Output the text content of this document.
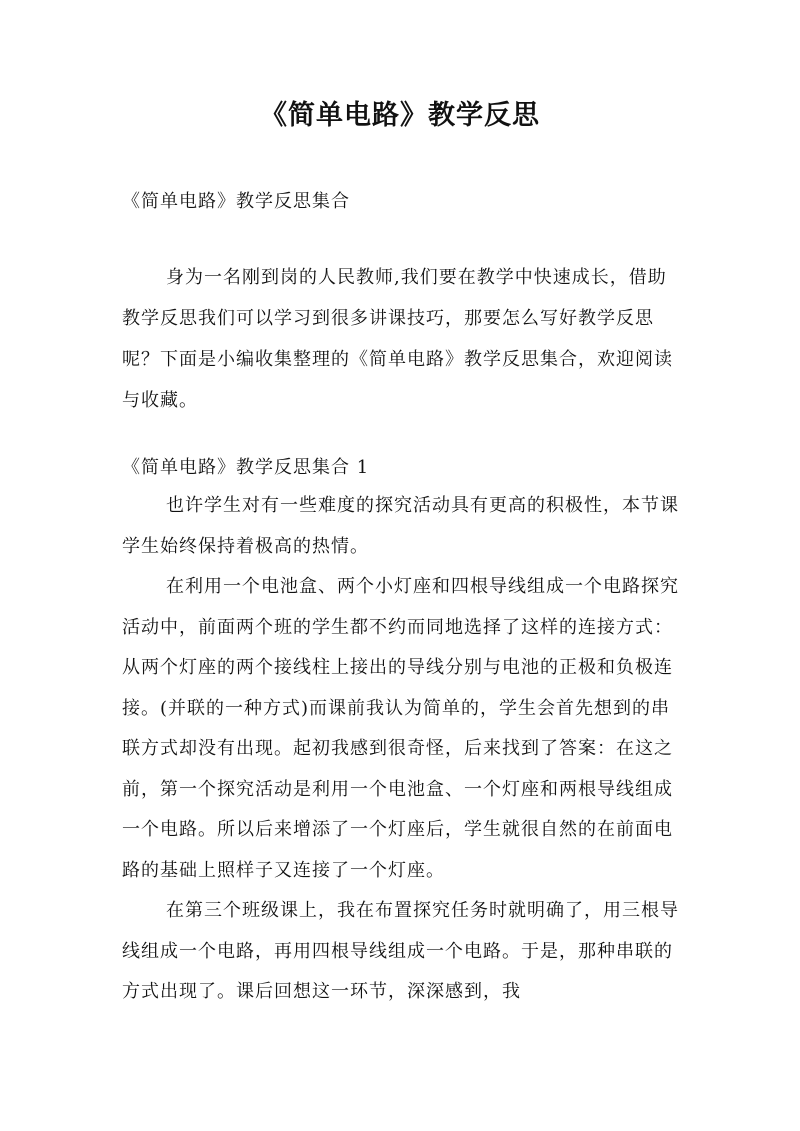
《简单电路》教学反思
《简单电路》教学反思集合

身为一名刚到岗的人民教师,我们要在教学中快速成长，借助教学反思我们可以学习到很多讲课技巧，那要怎么写好教学反思呢？下面是小编收集整理的《简单电路》教学反思集合，欢迎阅读与收藏。

《简单电路》教学反思集合 1

也许学生对有一些难度的探究活动具有更高的积极性，本节课学生始终保持着极高的热情。

在利用一个电池盒、两个小灯座和四根导线组成一个电路探究活动中，前面两个班的学生都不约而同地选择了这样的连接方式：从两个灯座的两个接线柱上接出的导线分别与电池的正极和负极连接。(并联的一种方式)而课前我认为简单的，学生会首先想到的串联方式却没有出现。起初我感到很奇怪，后来找到了答案：在这之前，第一个探究活动是利用一个电池盒、一个灯座和两根导线组成一个电路。所以后来增添了一个灯座后，学生就很自然的在前面电路的基础上照样子又连接了一个灯座。

在第三个班级课上，我在布置探究任务时就明确了，用三根导线组成一个电路，再用四根导线组成一个电路。于是，那种串联的方式出现了。课后回想这一环节，深深感到，我
